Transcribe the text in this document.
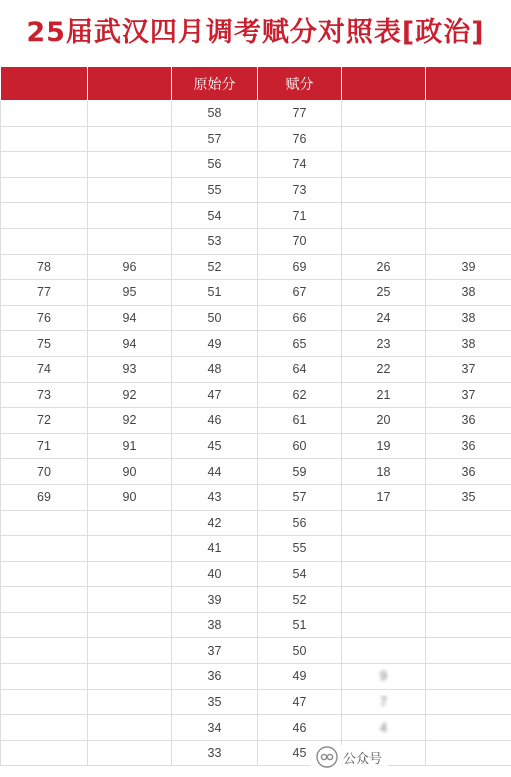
25届武汉四月调考赋分对照表[政治]
		原始分	赋分		
		58	77		
		57	76		
		56	74		
		55	73		
		54	71		
		53	70		
78	96	52	69	26	39
77	95	51	67	25	38
76	94	50	66	24	38
75	94	49	65	23	38
74	93	48	64	22	37
73	92	47	62	21	37
72	92	46	61	20	36
71	91	45	60	19	36
70	90	44	59	18	36
69	90	43	57	17	35
		42	56		
		41	55		
		40	54		
		39	52		
		38	51		
		37	50		
		36	49	9	
		35	47	7	
		34	46	4	
		33	45			公众号
